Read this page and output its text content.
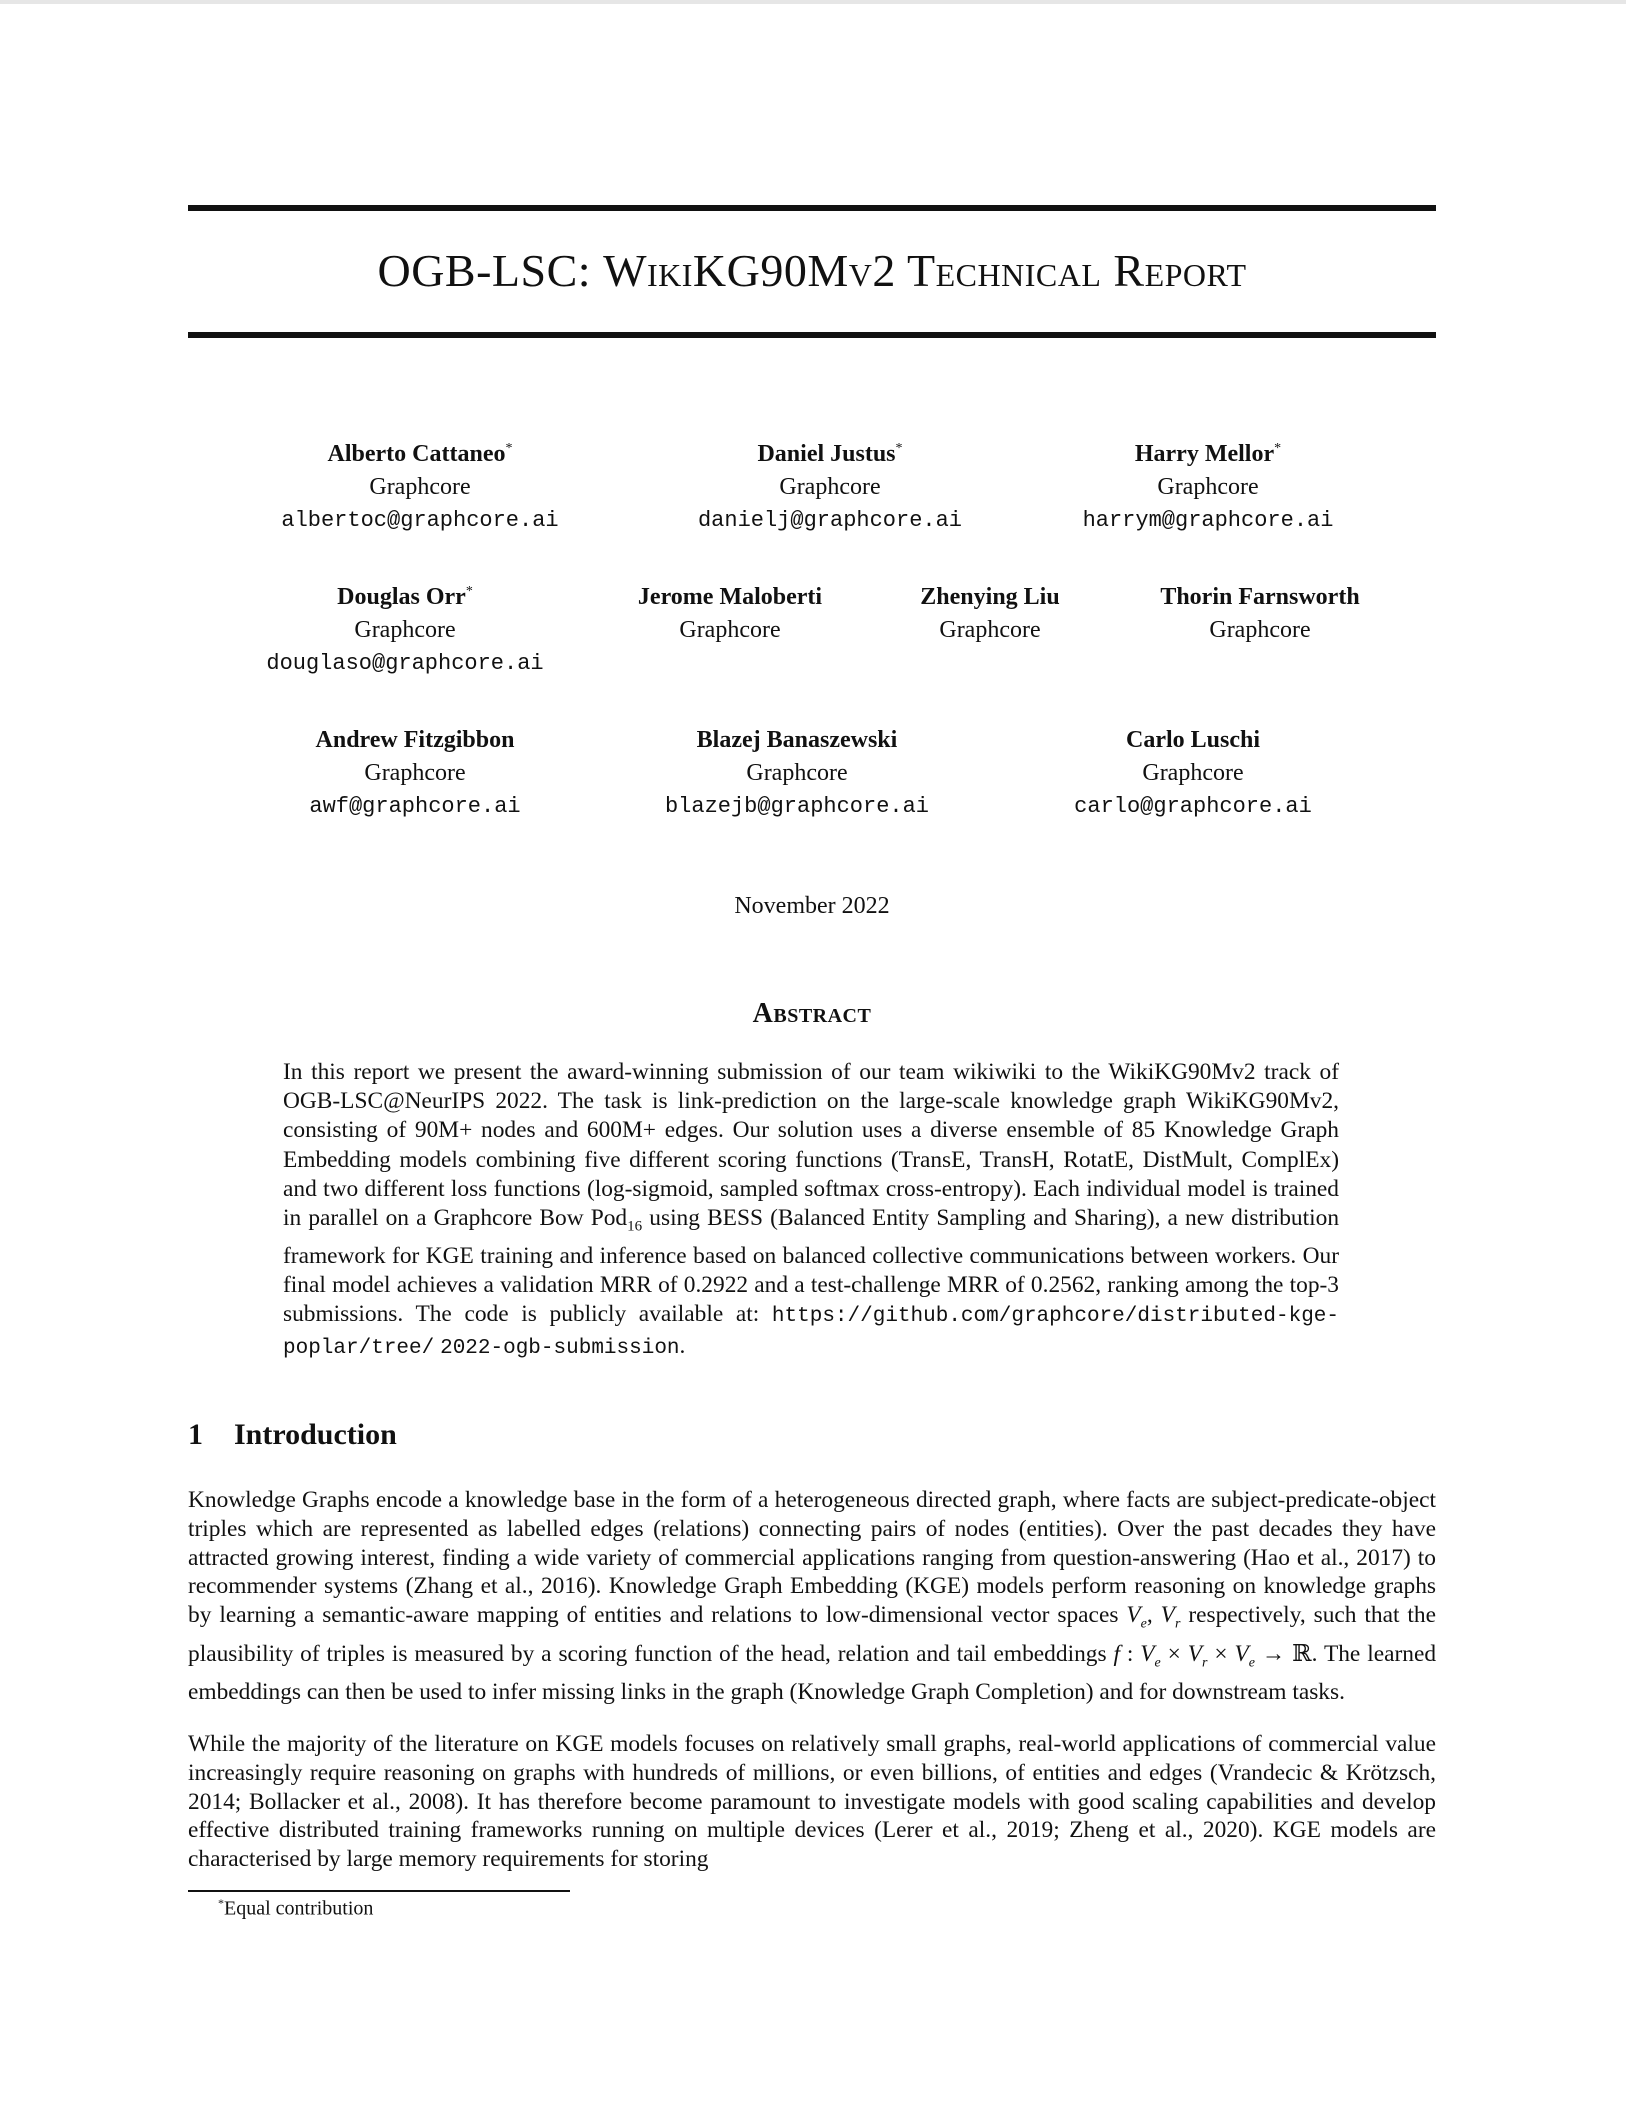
OGB-LSC: WikiKG90Mv2 Technical Report
Alberto Cattaneo*
Graphcore
albertoc@graphcore.ai
Daniel Justus*
Graphcore
danielj@graphcore.ai
Harry Mellor*
Graphcore
harrym@graphcore.ai
Douglas Orr*
Graphcore
douglaso@graphcore.ai
Jerome Maloberti
Graphcore
Zhenying Liu
Graphcore
Thorin Farnsworth
Graphcore
Andrew Fitzgibbon
Graphcore
awf@graphcore.ai
Blazej Banaszewski
Graphcore
blazejb@graphcore.ai
Carlo Luschi
Graphcore
carlo@graphcore.ai
November 2022
Abstract
In this report we present the award-winning submission of our team wikiwiki to the WikiKG90Mv2 track of OGB-LSC@NeurIPS 2022. The task is link-prediction on the large-scale knowledge graph WikiKG90Mv2, consisting of 90M+ nodes and 600M+ edges. Our solution uses a diverse ensemble of 85 Knowledge Graph Embedding models combining five different scoring functions (TransE, TransH, RotatE, DistMult, ComplEx) and two different loss functions (log-sigmoid, sampled softmax cross-entropy). Each individual model is trained in parallel on a Graphcore Bow Pod$_{16}$ using BESS (Balanced Entity Sampling and Sharing), a new distribution framework for KGE training and inference based on balanced collective communications between workers. Our final model achieves a validation MRR of 0.2922 and a test-challenge MRR of 0.2562, ranking among the top-3 submissions. The code is publicly available at: https://github.com/graphcore/distributed-kge-poplar/tree/ 2022-ogb-submission.
1 Introduction
Knowledge Graphs encode a knowledge base in the form of a heterogeneous directed graph, where facts are subject-predicate-object triples which are represented as labelled edges (relations) connecting pairs of nodes (entities). Over the past decades they have attracted growing interest, finding a wide variety of commercial applications ranging from question-answering (Hao et al., 2017) to recommender systems (Zhang et al., 2016). Knowledge Graph Embedding (KGE) models perform reasoning on knowledge graphs by learning a semantic-aware mapping of entities and relations to low-dimensional vector spaces $V_e$, $V_r$ respectively, such that the plausibility of triples is measured by a scoring function of the head, relation and tail embeddings f : $V_e \times V_r \times V_e$ → ℝ. The learned embeddings can then be used to infer missing links in the graph (Knowledge Graph Completion) and for downstream tasks.
While the majority of the literature on KGE models focuses on relatively small graphs, real-world applications of commercial value increasingly require reasoning on graphs with hundreds of millions, or even billions, of entities and edges (Vrandecic & Krötzsch, 2014; Bollacker et al., 2008). It has therefore become paramount to investigate models with good scaling capabilities and develop effective distributed training frameworks running on multiple devices (Lerer et al., 2019; Zheng et al., 2020). KGE models are characterised by large memory requirements for storing
*Equal contribution
